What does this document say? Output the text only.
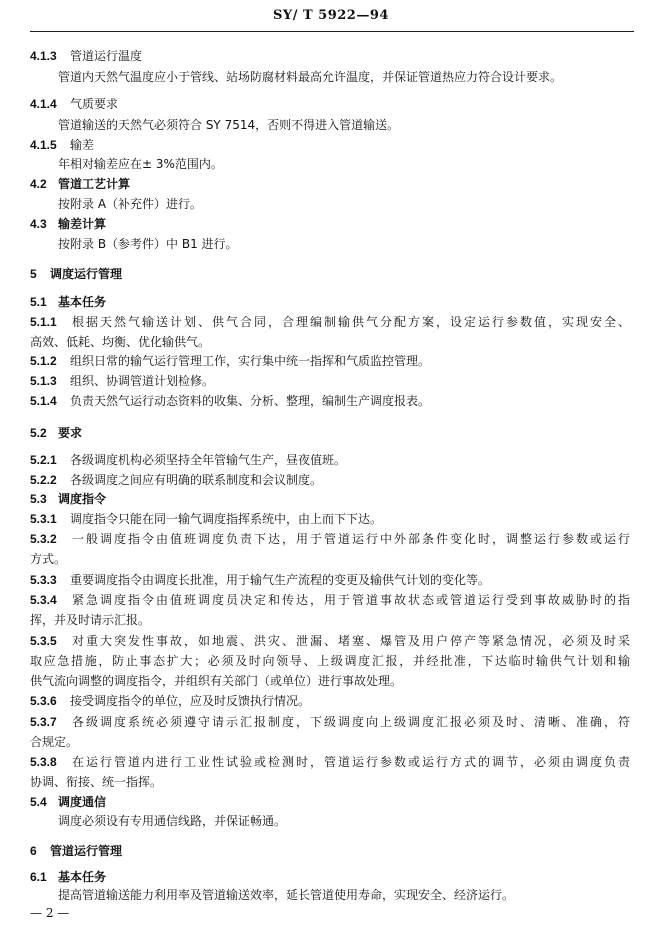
SY/ T 5922—94
4.1.3 管道运行温度
管道内天然气温度应小于管线、站场防腐材料最高允许温度，并保证管道热应力符合设计要求。
4.1.4 气质要求
管道输送的天然气必须符合 SY 7514，否则不得进入管道输送。
4.1.5 输差
年相对输差应在± 3%范围内。
4.2 管道工艺计算
按附录 A（补充件）进行。
4.3 输差计算
按附录 B（参考件）中 B1 进行。
5 调度运行管理
5.1 基本任务
5.1.1 根据天然气输送计划、供气合同，合理编制输供气分配方案，设定运行参数值，实现安全、
高效、低耗、均衡、优化输供气。
5.1.2 组织日常的输气运行管理工作，实行集中统一指挥和气质监控管理。
5.1.3 组织、协调管道计划检修。
5.1.4 负责天然气运行动态资料的收集、分析、整理，编制生产调度报表。
5.2 要求
5.2.1 各级调度机构必须坚持全年管输气生产，昼夜值班。
5.2.2 各级调度之间应有明确的联系制度和会议制度。
5.3 调度指令
5.3.1 调度指令只能在同一输气调度指挥系统中，由上而下下达。
5.3.2 一般调度指令由值班调度负责下达，用于管道运行中外部条件变化时，调整运行参数或运行
方式。
5.3.3 重要调度指令由调度长批准，用于输气生产流程的变更及输供气计划的变化等。
5.3.4 紧急调度指令由值班调度员决定和传达，用于管道事故状态或管道运行受到事故威胁时的指
挥，并及时请示汇报。
5.3.5 对重大突发性事故，如地震、洪灾、泄漏、堵塞、爆管及用户停产等紧急情况，必须及时采
取应急措施，防止事态扩大；必须及时向领导、上级调度汇报，并经批准，下达临时输供气计划和输
供气流向调整的调度指令，并组织有关部门（或单位）进行事故处理。
5.3.6 接受调度指令的单位，应及时反馈执行情况。
5.3.7 各级调度系统必须遵守请示汇报制度，下级调度向上级调度汇报必须及时、清晰、准确，符
合规定。
5.3.8 在运行管道内进行工业性试验或检测时，管道运行参数或运行方式的调节，必须由调度负责
协调、衔接、统一指挥。
5.4 调度通信
调度必须设有专用通信线路，并保证畅通。
6 管道运行管理
6.1 基本任务
提高管道输送能力利用率及管道输送效率，延长管道使用寿命，实现安全、经济运行。
— 2 —
